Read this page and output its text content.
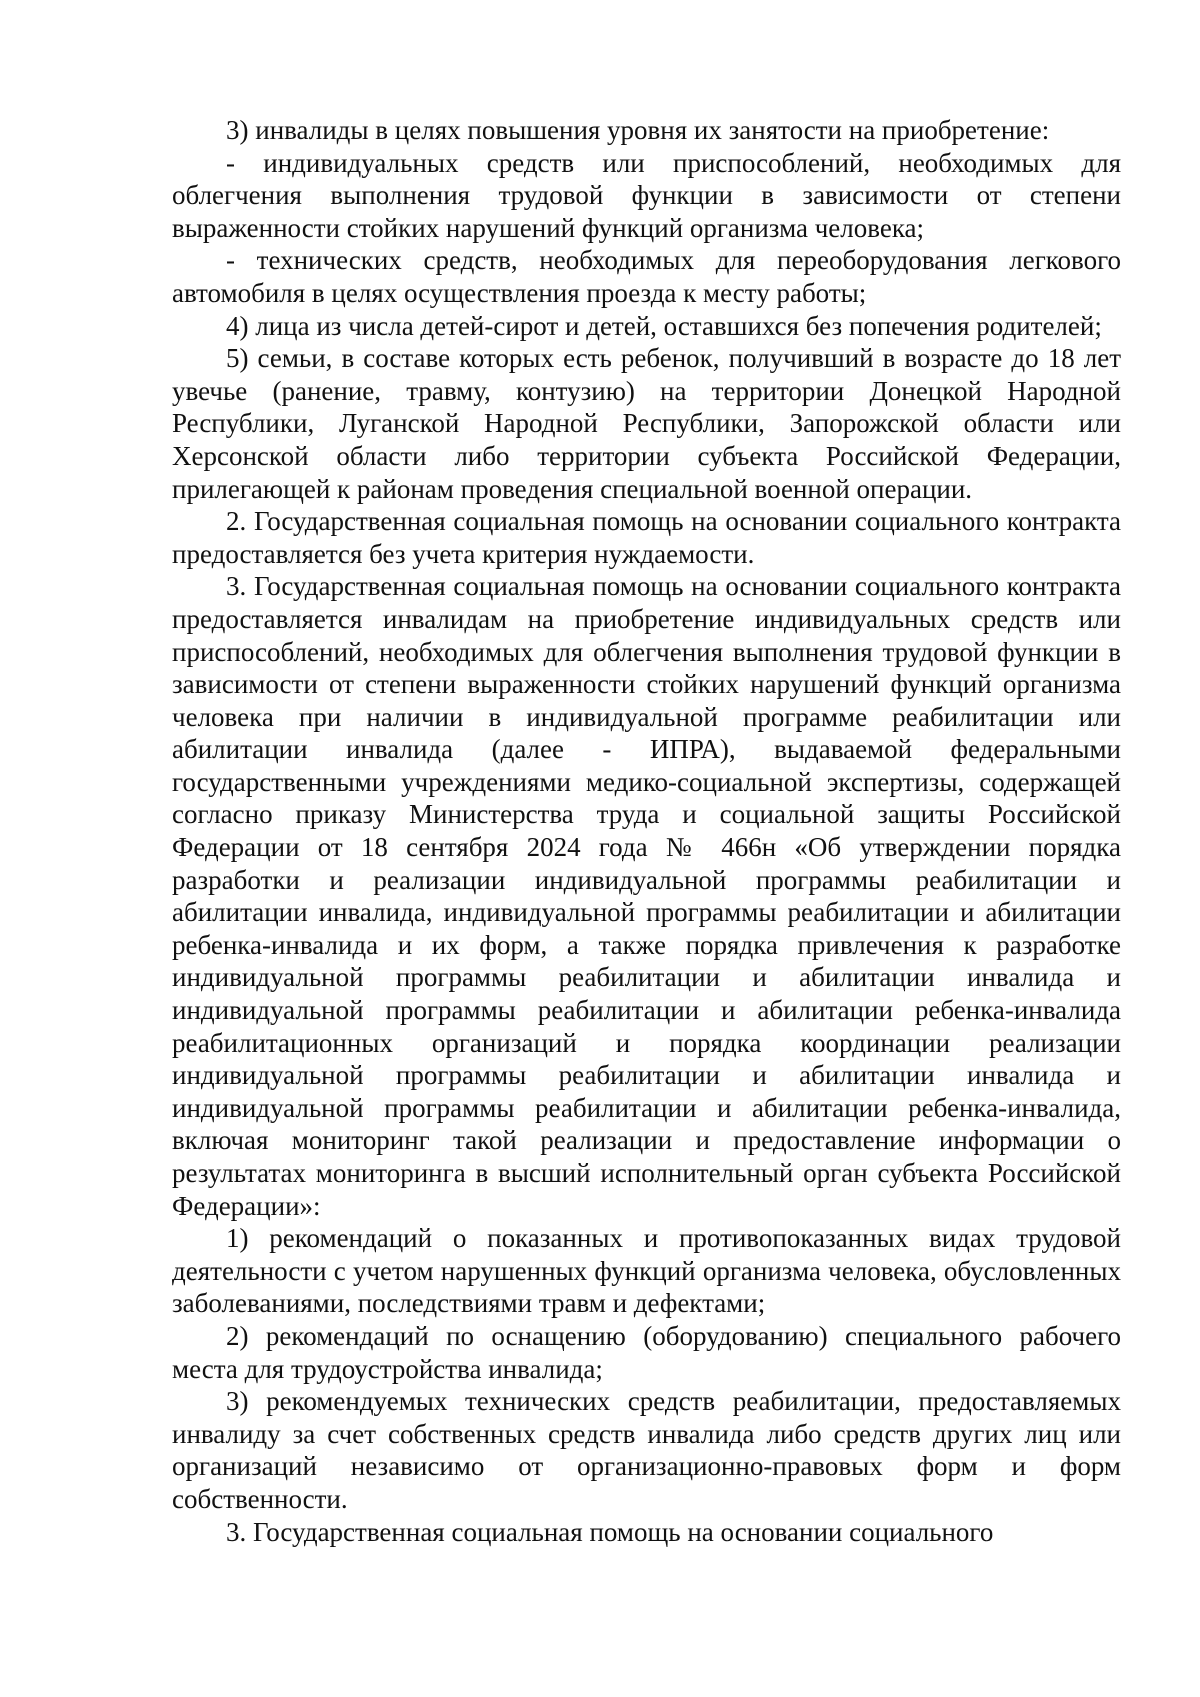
3) инвалиды в целях повышения уровня их занятости на приобретение:

- индивидуальных средств или приспособлений, необходимых для облегчения выполнения трудовой функции в зависимости от степени выраженности стойких нарушений функций организма человека;

- технических средств, необходимых для переоборудования легкового автомобиля в целях осуществления проезда к месту работы;

4) лица из числа детей-сирот и детей, оставшихся без попечения родителей;

5) семьи, в составе которых есть ребенок, получивший в возрасте до 18 лет увечье (ранение, травму, контузию) на территории Донецкой Народной Республики, Луганской Народной Республики, Запорожской области или Херсонской области либо территории субъекта Российской Федерации, прилегающей к районам проведения специальной военной операции.

2. Государственная социальная помощь на основании социального контракта предоставляется без учета критерия нуждаемости.

3. Государственная социальная помощь на основании социального контракта предоставляется инвалидам на приобретение индивидуальных средств или приспособлений, необходимых для облегчения выполнения трудовой функции в зависимости от степени выраженности стойких нарушений функций организма человека при наличии в индивидуальной программе реабилитации или абилитации инвалида (далее - ИПРА), выдаваемой федеральными государственными учреждениями медико-социальной экспертизы, содержащей согласно приказу Министерства труда и социальной защиты Российской Федерации от 18 сентября 2024 года № 466н «Об утверждении порядка разработки и реализации индивидуальной программы реабилитации и абилитации инвалида, индивидуальной программы реабилитации и абилитации ребенка-инвалида и их форм, а также порядка привлечения к разработке индивидуальной программы реабилитации и абилитации инвалида и индивидуальной программы реабилитации и абилитации ребенка-инвалида реабилитационных организаций и порядка координации реализации индивидуальной программы реабилитации и абилитации инвалида и индивидуальной программы реабилитации и абилитации ребенка-инвалида, включая мониторинг такой реализации и предоставление информации о результатах мониторинга в высший исполнительный орган субъекта Российской Федерации»:

1) рекомендаций о показанных и противопоказанных видах трудовой деятельности с учетом нарушенных функций организма человека, обусловленных заболеваниями, последствиями травм и дефектами;

2) рекомендаций по оснащению (оборудованию) специального рабочего места для трудоустройства инвалида;

3) рекомендуемых технических средств реабилитации, предоставляемых инвалиду за счет собственных средств инвалида либо средств других лиц или организаций независимо от организационно-правовых форм и форм собственности.

3. Государственная социальная помощь на основании социального
